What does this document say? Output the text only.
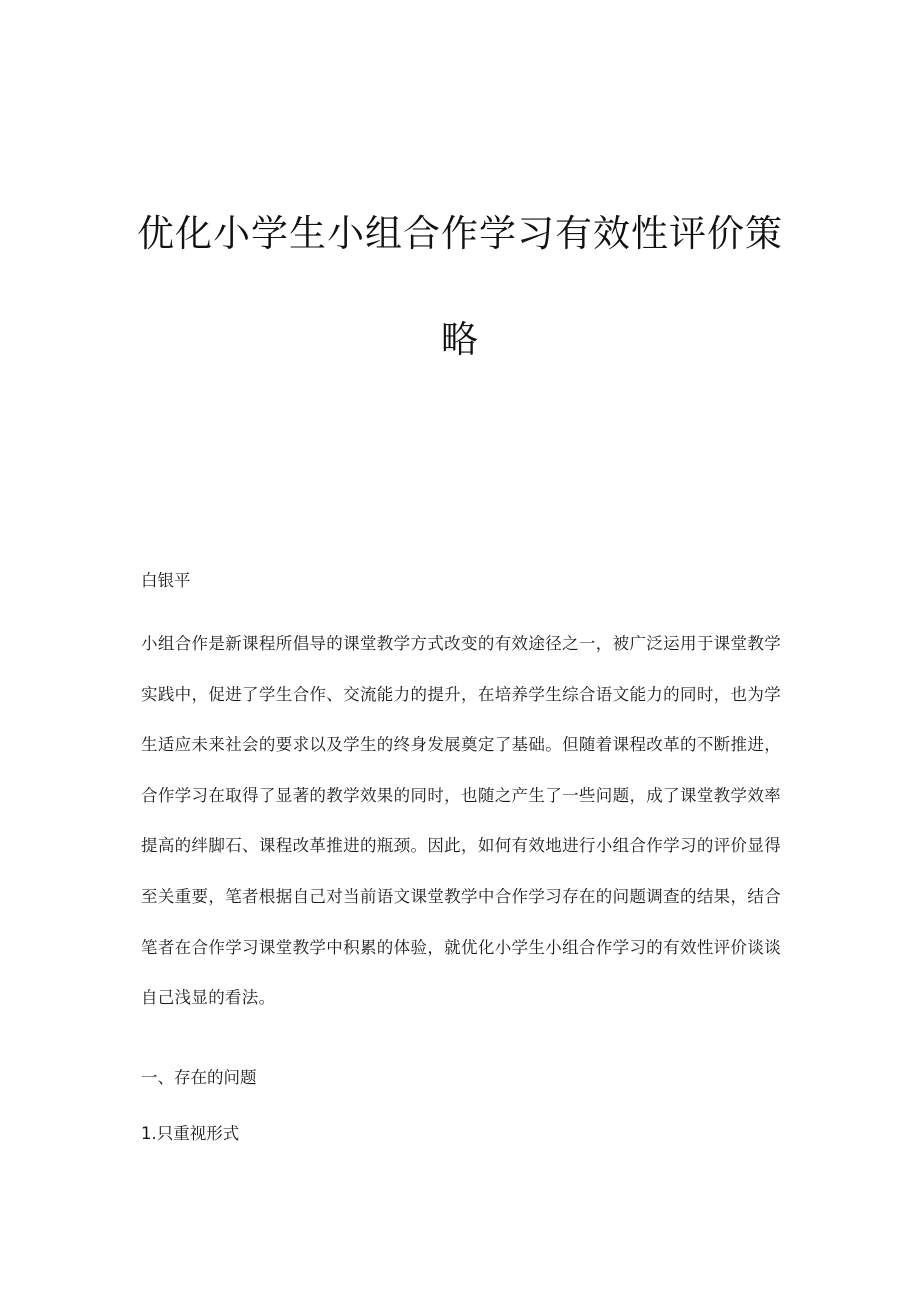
优化小学生小组合作学习有效性评价策
略
白银平
小组合作是新课程所倡导的课堂教学方式改变的有效途径之一，被广泛运用于课堂教学实践中，促进了学生合作、交流能力的提升，在培养学生综合语文能力的同时，也为学生适应未来社会的要求以及学生的终身发展奠定了基础。但随着课程改革的不断推进，合作学习在取得了显著的教学效果的同时，也随之产生了一些问题，成了课堂教学效率提高的绊脚石、课程改革推进的瓶颈。因此，如何有效地进行小组合作学习的评价显得至关重要，笔者根据自己对当前语文课堂教学中合作学习存在的问题调查的结果，结合笔者在合作学习课堂教学中积累的体验，就优化小学生小组合作学习的有效性评价谈谈自己浅显的看法。
一、存在的问题
1.只重视形式
